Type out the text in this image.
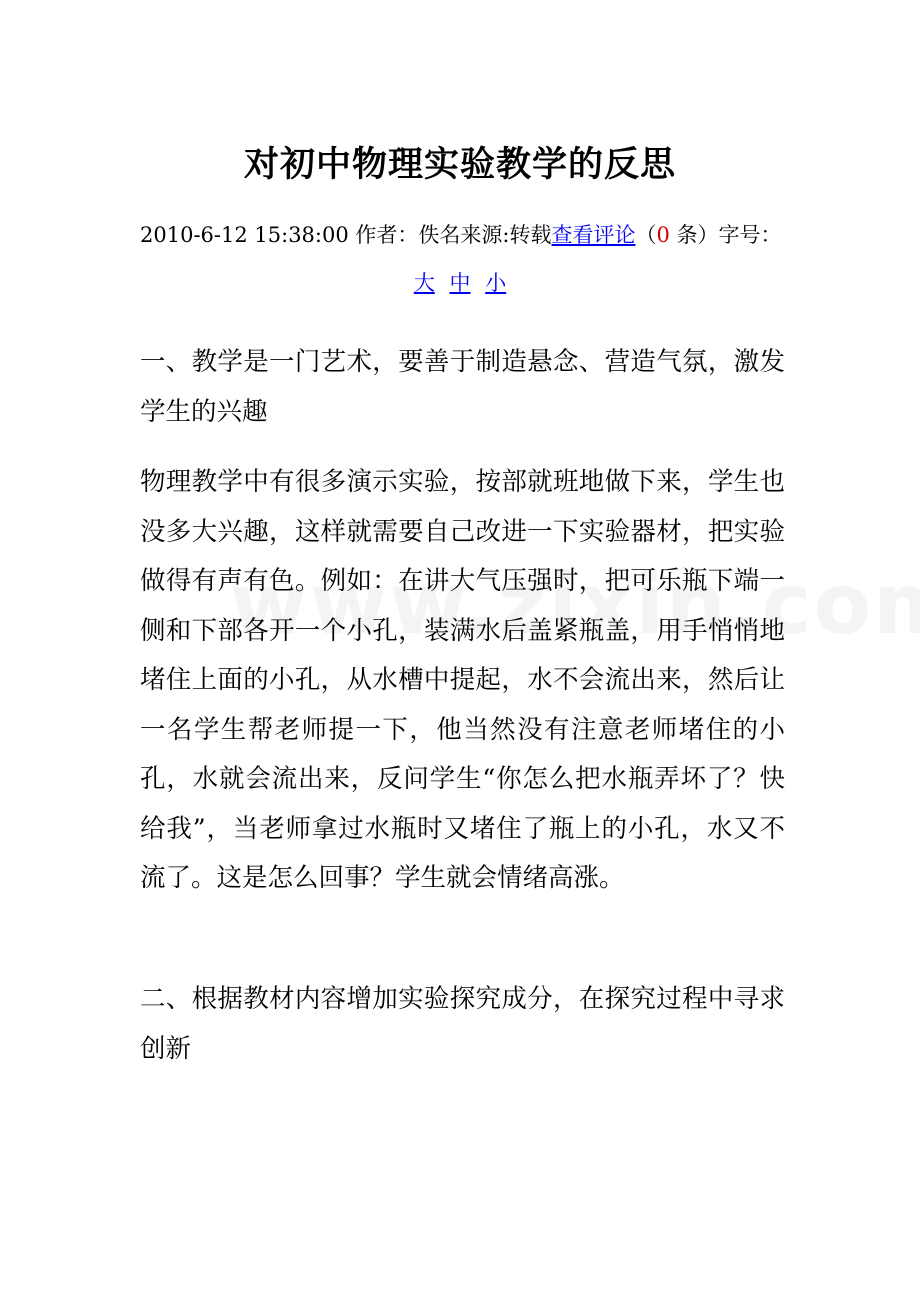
对初中物理实验教学的反思
2010-6-12 15:38:00 作者：佚名来源:转载查看评论（0 条）字号：
大 中 小
一、教学是一门艺术，要善于制造悬念、营造气氛，激发学生的兴趣
物理教学中有很多演示实验，按部就班地做下来，学生也没多大兴趣，这样就需要自己改进一下实验器材，把实验做得有声有色。例如：在讲大气压强时，把可乐瓶下端一侧和下部各开一个小孔，装满水后盖紧瓶盖，用手悄悄地堵住上面的小孔，从水槽中提起，水不会流出来，然后让一名学生帮老师提一下，他当然没有注意老师堵住的小孔，水就会流出来，反问学生“你怎么把水瓶弄坏了？快给我”，当老师拿过水瓶时又堵住了瓶上的小孔，水又不流了。这是怎么回事？学生就会情绪高涨。
二、根据教材内容增加实验探究成分，在探究过程中寻求创新
